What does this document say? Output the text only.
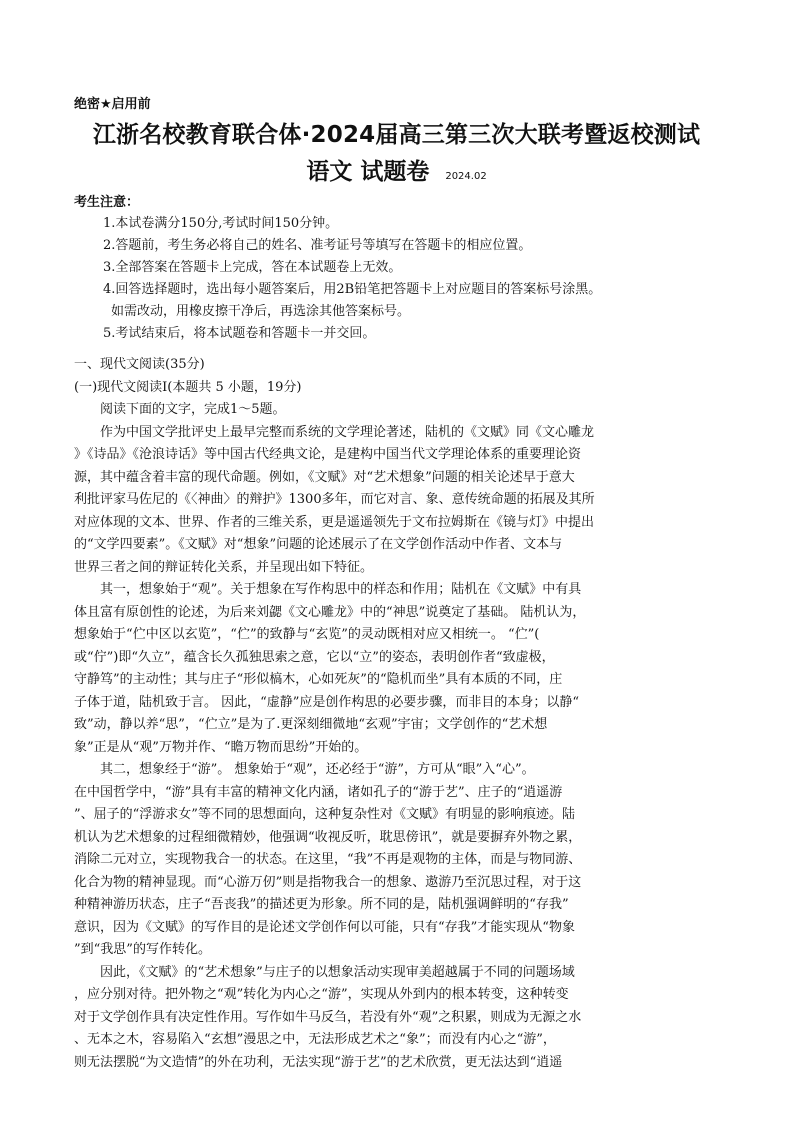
绝密★启用前
江浙名校教育联合体·2024届高三第三次大联考暨返校测试
语文 试题卷 2024.02
考生注意：
1.本试卷满分150分,考试时间150分钟。
2.答题前，考生务必将自己的姓名、准考证号等填写在答题卡的相应位置。
3.全部答案在答题卡上完成，答在本试题卷上无效。
4.回答选择题时，选出每小题答案后，用2B铅笔把答题卡上对应题目的答案标号涂黑。
如需改动，用橡皮擦干净后，再选涂其他答案标号。
5.考试结束后，将本试题卷和答题卡一并交回。
一、现代文阅读(35分)
(一)现代文阅读Ⅰ(本题共 5 小题，19分)
阅读下面的文字，完成1～5题。
作为中国文学批评史上最早完整而系统的文学理论著述，陆机的《文赋》同《文心雕龙
》《诗品》《沧浪诗话》等中国古代经典文论，是建构中国当代文学理论体系的重要理论资
源，其中蕴含着丰富的现代命题。例如，《文赋》对“艺术想象”问题的相关论述早于意大
利批评家马佐尼的《〈神曲〉的辩护》1300多年，而它对言、象、意传统命题的拓展及其所
对应体现的文本、世界、作者的三维关系，更是遥遥领先于文布拉姆斯在《镜与灯》中提出
的“文学四要素”。《文赋》对“想象”问题的论述展示了在文学创作活动中作者、文本与
世界三者之间的辩证转化关系，并呈现出如下特征。
其一，想象始于“观”。关于想象在写作构思中的样态和作用；陆机在《文赋》中有具
体且富有原创性的论述，为后来刘勰《文心雕龙》中的“神思”说奠定了基础。 陆机认为，
想象始于“伫中区以玄览”，“伫”的致静与“玄览”的灵动既相对应又相统一。 “伫”(
或“佇”)即“久立”，蕴含长久孤独思索之意，它以“立”的姿态，表明创作者“致虚极，
守静笃”的主动性；其与庄子“形似槁木，心如死灰”的“隐机而坐”具有本质的不同，庄
子体于道，陆机致于言。 因此，“虚静”应是创作构思的必要步骤，而非目的本身；以静“
致”动，静以养“思”，“伫立”是为了.更深刻细微地“玄观”宇宙；文学创作的“艺术想
象”正是从“观”万物并作、“瞻万物而思纷”开始的。
其二，想象经于“游”。 想象始于“观”，还必经于“游”，方可从“眼”入“心”。
在中国哲学中，“游”具有丰富的精神文化内涵，诸如孔子的“游于艺”、庄子的“逍遥游
”、屈子的“浮游求女”等不同的思想面向，这种复杂性对《文赋》有明显的影响痕迹。陆
机认为艺术想象的过程细微精妙，他强调“收视反听，耽思傍讯”，就是要摒弃外物之累，
消除二元对立，实现物我合一的状态。在这里，“我”不再是观物的主体，而是与物同游、
化合为物的精神显现。而“心游万仞”则是指物我合一的想象、遨游乃至沉思过程，对于这
种精神游历状态，庄子“吾丧我”的描述更为形象。所不同的是，陆机强调鲜明的“存我”
意识，因为《文赋》的写作目的是论述文学创作何以可能，只有“存我”才能实现从“物象
”到“我思”的写作转化。
因此，《文赋》的“艺术想象”与庄子的以想象活动实现审美超越属于不同的问题场域
，应分别对待。把外物之“观”转化为内心之“游”，实现从外到内的根本转变，这种转变
对于文学创作具有决定性作用。写作如牛马反刍，若没有外“观”之积累，则成为无源之水
、无本之木，容易陷入“玄想”漫思之中，无法形成艺术之“象”；而没有内心之“游”，
则无法摆脱“为文造情”的外在功利，无法实现“游于艺”的艺术欣赏，更无法达到“逍遥
